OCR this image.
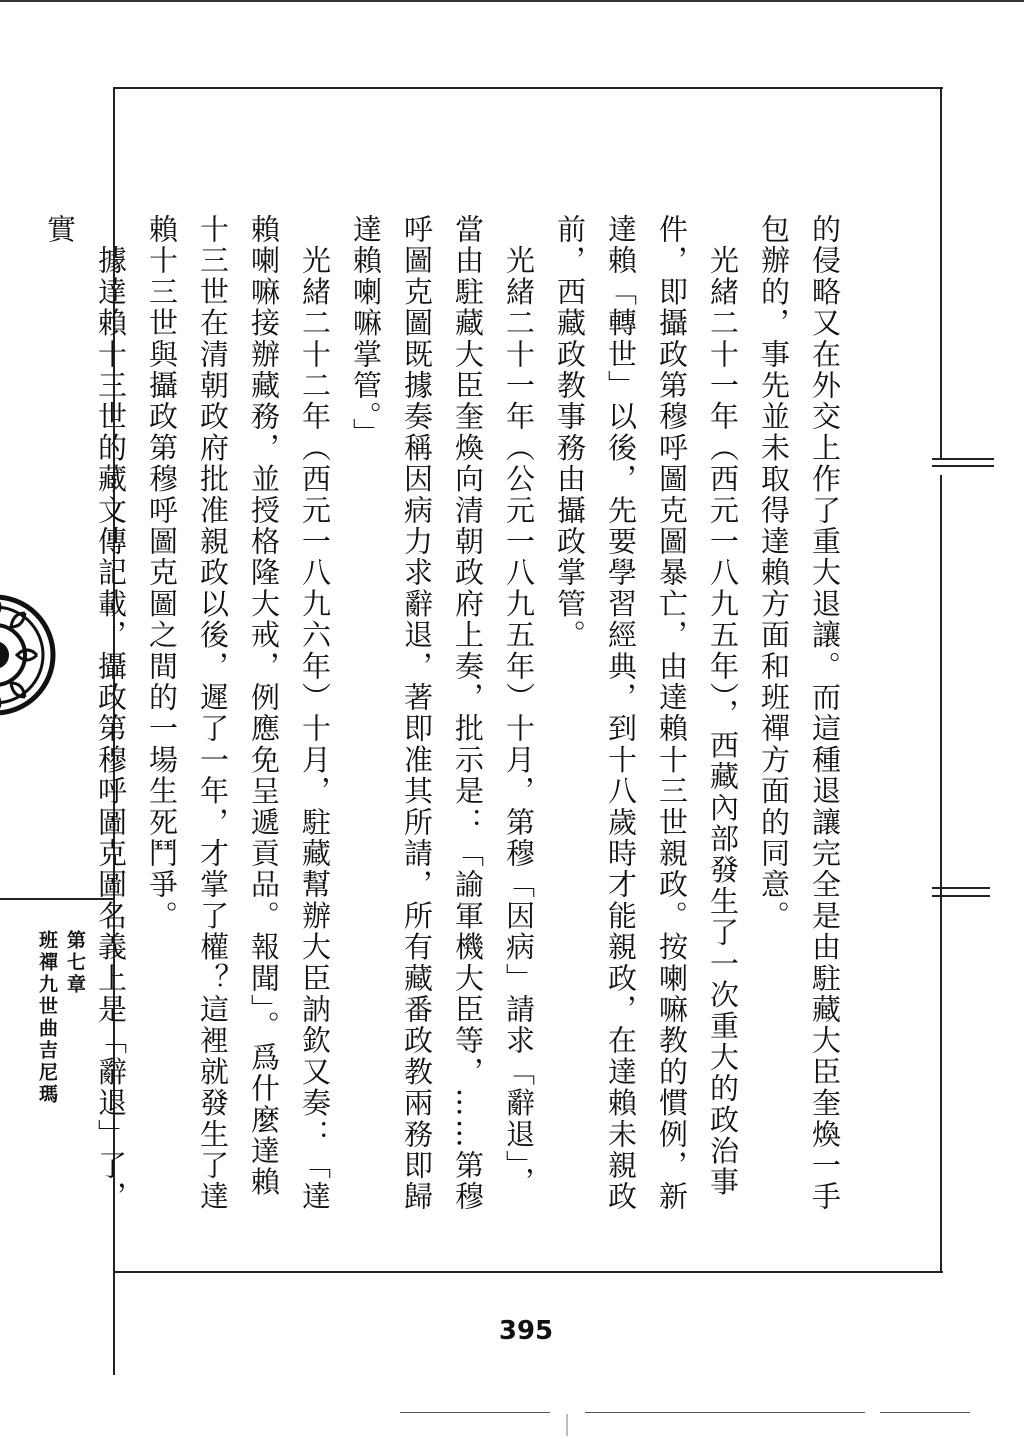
的侵略又在外交上作了重大退讓。而這種退讓完全是由駐藏大臣奎煥一手包辦的，事先並未取得達賴方面和班禪方面的同意。
　光緒二十一年（西元一八九五年），西藏內部發生了一次重大的政治事件，即攝政第穆呼圖克圖暴亡，由達賴十三世親政。按喇嘛教的慣例，新達賴「轉世」以後，先要學習經典，到十八歲時才能親政，在達賴未親政前，西藏政教事務由攝政掌管。
　光緒二十一年（公元一八九五年）十月，第穆「因病」請求「辭退」，當由駐藏大臣奎煥向清朝政府上奏，批示是：「諭軍機大臣等，……第穆呼圖克圖既據奏稱因病力求辭退，著即准其所請，所有藏番政教兩務即歸達賴喇嘛掌管。」
　光緒二十二年（西元一八九六年）十月，駐藏幫辦大臣訥欽又奏：「達賴喇嘛接辦藏務，並授格隆大戒，例應免呈遞貢品。報聞」。爲什麼達賴十三世在清朝政府批准親政以後，遲了一年，才掌了權？這裡就發生了達賴十三世與攝政第穆呼圖克圖之間的一場生死鬥爭。
　據達賴十三世的藏文傳記載，攝政第穆呼圖克圖名義上是「辭退」了，實
395
第七章
班禪九世曲吉尼瑪
